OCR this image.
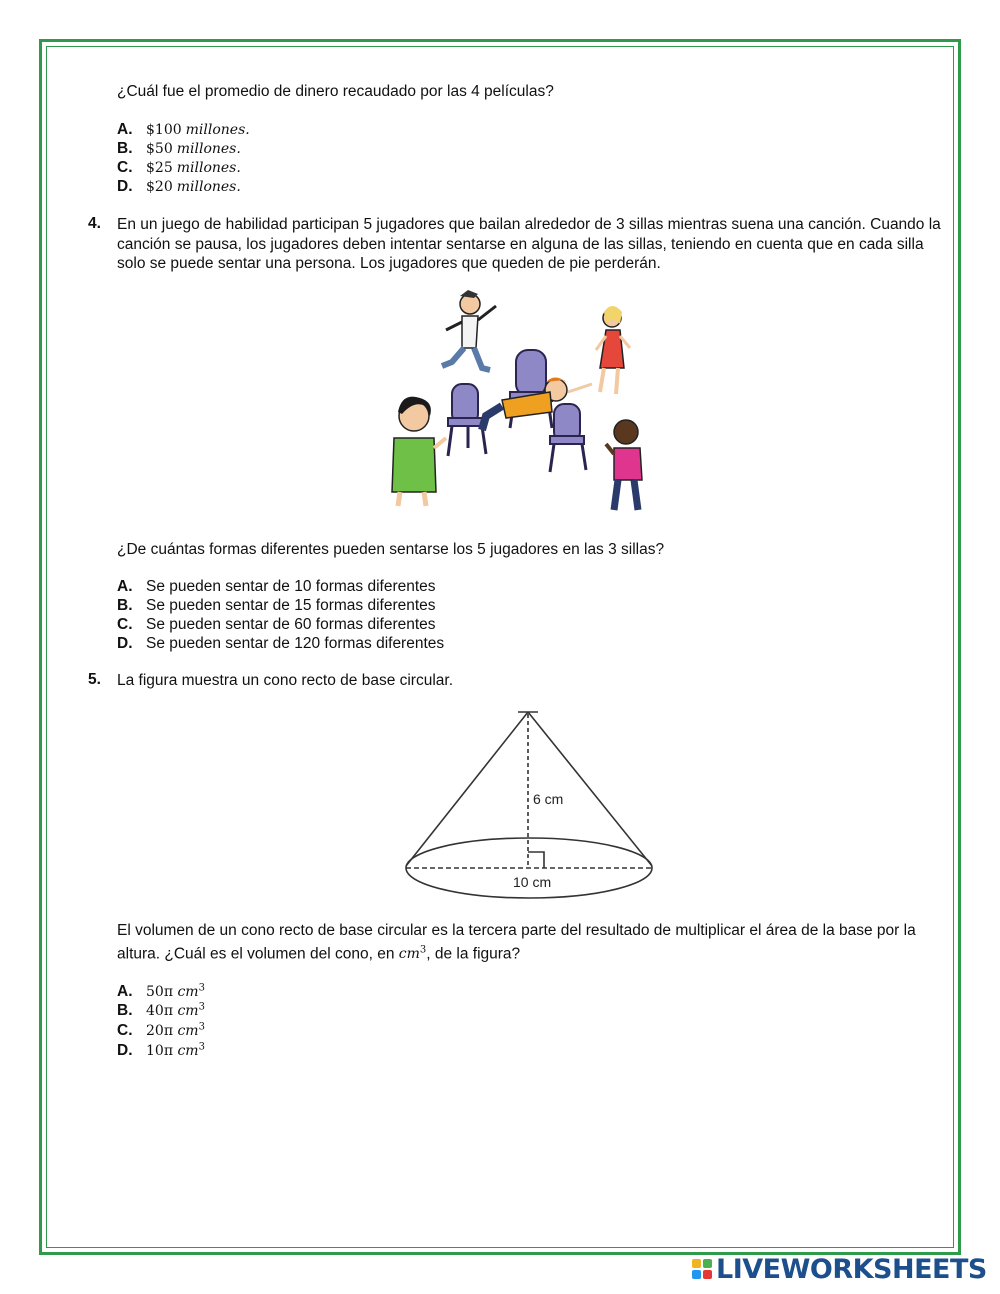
¿Cuál fue el promedio de dinero recaudado por las 4 películas?
A. $100 millones.
B. $50 millones.
C. $25 millones.
D. $20 millones.
4. En un juego de habilidad participan 5 jugadores que bailan alrededor de 3 sillas mientras suena una canción. Cuando la canción se pausa, los jugadores deben intentar sentarse en alguna de las sillas, teniendo en cuenta que en cada silla solo se puede sentar una persona. Los jugadores que queden de pie perderán.
¿De cuántas formas diferentes pueden sentarse los 5 jugadores en las 3 sillas?
A. Se pueden sentar de 10 formas diferentes
B. Se pueden sentar de 15 formas diferentes
C. Se pueden sentar de 60 formas diferentes
D. Se pueden sentar de 120 formas diferentes
5. La figura muestra un cono recto de base circular.
6 cm
10 cm
El volumen de un cono recto de base circular es la tercera parte del resultado de multiplicar el área de la base por la altura. ¿Cuál es el volumen del cono, en $cm^3$, de la figura?
A. 50π $cm^3$
B. 40π $cm^3$
C. 20π $cm^3$
D. 10π $cm^3$
LIVEWORKSHEETS
